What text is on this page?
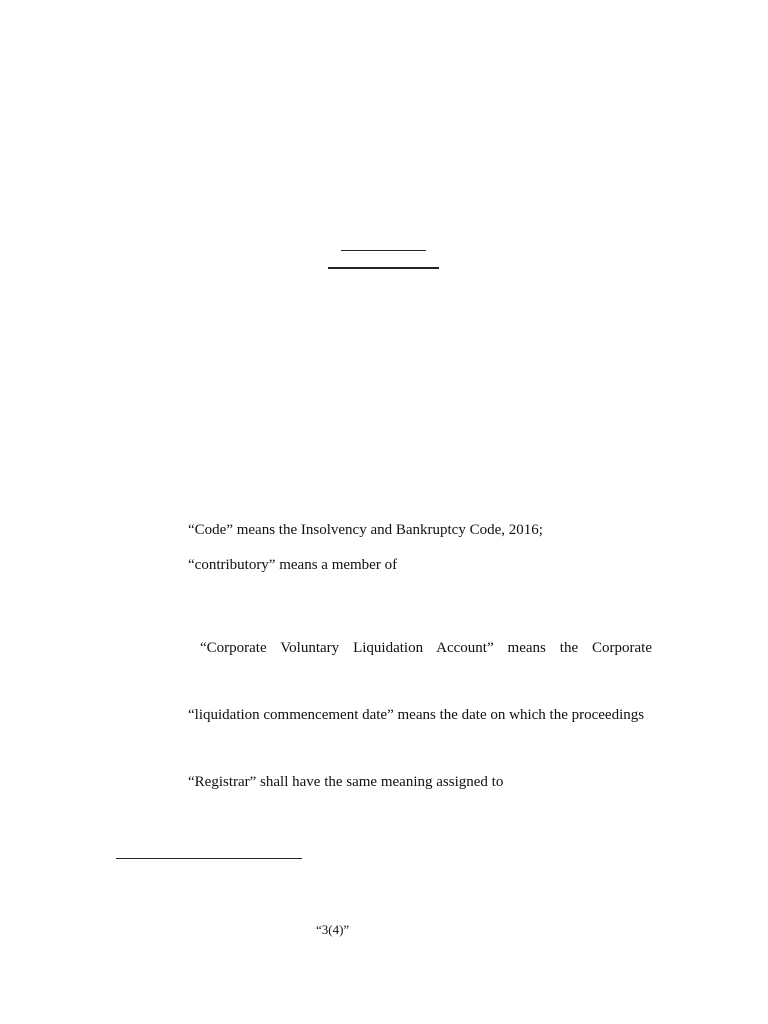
“Code” means the Insolvency and Bankruptcy Code, 2016;
“contributory” means a member of
“Corporate Voluntary Liquidation Account” means the Corporate
“liquidation commencement date” means the date on which the proceedings
“Registrar” shall have the same meaning assigned to
“3(4)”
